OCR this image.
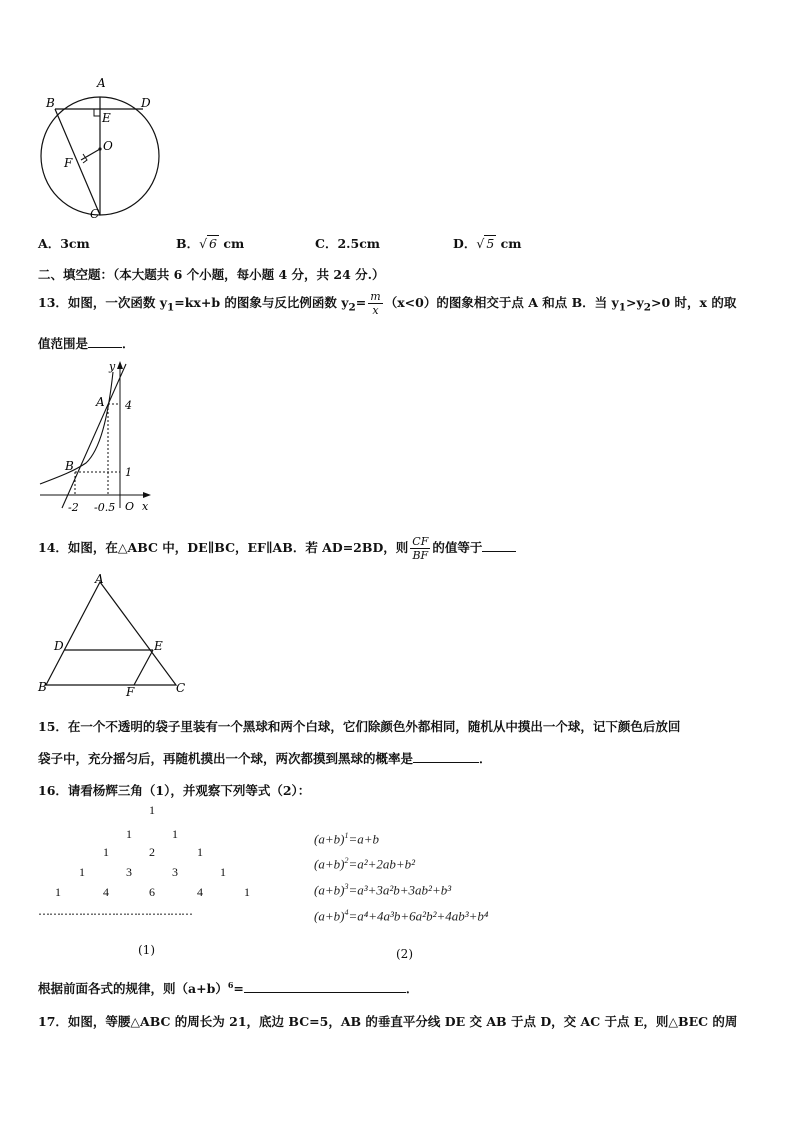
A
B	D
E
O
F
C
A．3cm	B．√ 6 cm	C．2.5cm	D．√ 5 cm
二、填空题：（本大题共 6 个小题，每小题 4 分，共 24 分.）
13．如图，一次函数 $y_1=kx+b$ 的图象与反比例函数 $y_2= \frac{m}{x} (x<0)$的图象相交于点 A 和点 B．当 $y_1>y_2>0$ 时，x 的取
值范围是	．
y
x
O
A
B
4
1
-2 -0.5
14．如图，在△ABC 中，DE∥BC，EF∥AB．若 AD=2BD，则 $\frac{CF}{BF}$ 的值等于
A
D	E
B	F	C
15．在一个不透明的袋子里装有一个黑球和两个白球，它们除颜色外都相同，随机从中摸出一个球，记下颜色后放回
袋子中，充分摇匀后，再随机摸出一个球，两次都摸到黑球的概率是	．
16．请看杨辉三角（1），并观察下列等式（2）：
1
1	1
1	2	1
1	3	3	1
1	4	6	4	1
……………………………………
(1)
$(a+b)^1=a+b$
$(a+b)^2=a^2+2ab+b^2$
$(a+b)^3=a^3+3a^2b+3ab^2+b^3$
$(a+b)^4=a^4+4a^3b+6a^2b^2+4ab^3+b^4$
(2)
根据前面各式的规律，则$(a+b)^6=$	．
17．如图，等腰△ABC 的周长为 21，底边 BC=5，AB 的垂直平分线 DE 交 AB 于点 D，交 AC 于点 E，则△BEC 的周
